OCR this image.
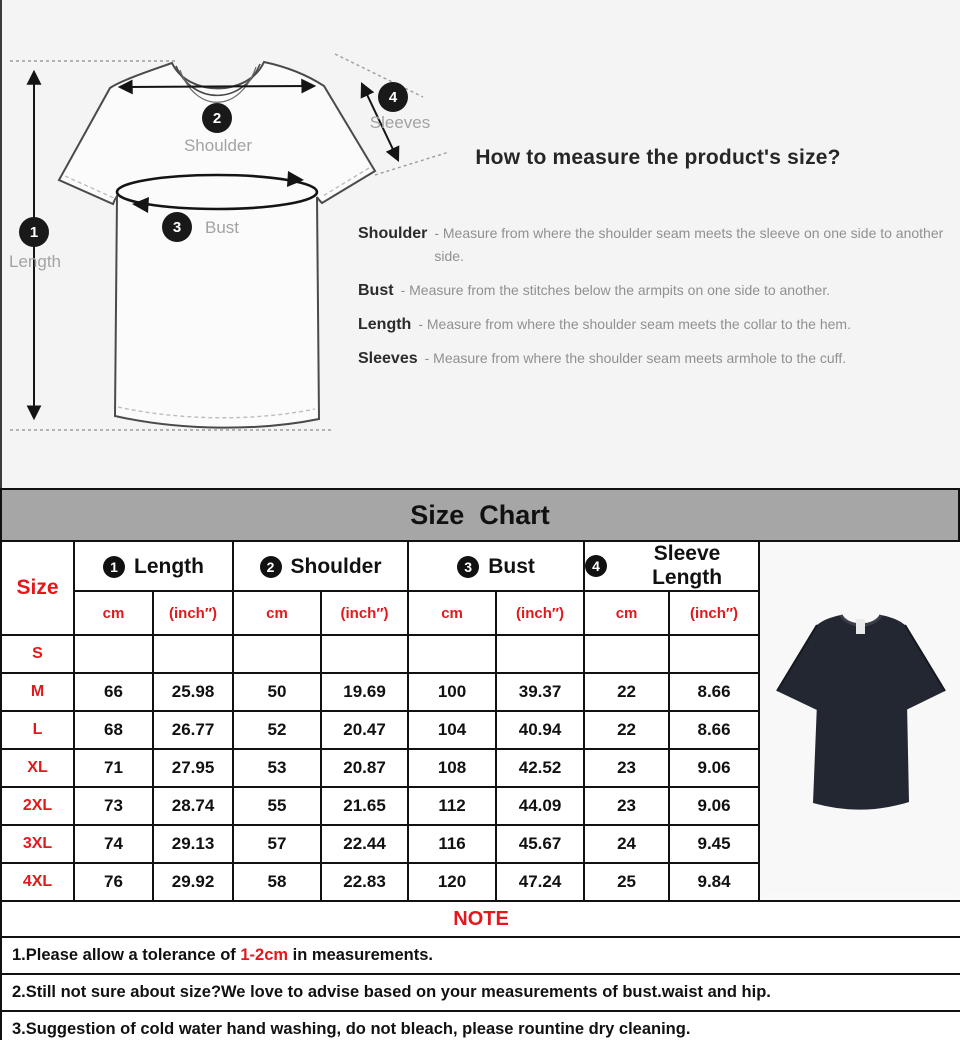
1
Length
2
Shoulder
3 Bust
4
Sleeves
How to measure the product's size?
Shoulder - Measure from where the shoulder seam meets the sleeve on one side to another side.
Bust - Measure from the stitches below the armpits on one side to another.
Length - Measure from where the shoulder seam meets the collar to the hem.
Sleeves - Measure from where the shoulder seam meets armhole to the cuff.
Size  Chart
Size	1 Length		2 Shoulder		3 Bust		4
Sleeve Length

	cm	(inch″)	cm	(inch″)	cm	(inch″)	cm	(inch″)	
S									
M	66	25.98	50	19.69	100	39.37	22	8.66	
L	68	26.77	52	20.47	104	40.94	22	8.66	
XL	71	27.95	53	20.87	108	42.52	23	9.06	
2XL	73	28.74	55	21.65	112	44.09	23	9.06	
3XL	74	29.13	57	22.44	116	45.67	24	9.45	
4XL	76	29.92	58	22.83	120	47.24	25	9.84	
NOTE									
1.Please allow a tolerance of 1-2cm in measurements.									
2.Still not sure about size?We love to advise based on your measurements of bust.waist and hip.									
3.Suggestion of cold water hand washing, do not bleach, please rountine dry cleaning.									
